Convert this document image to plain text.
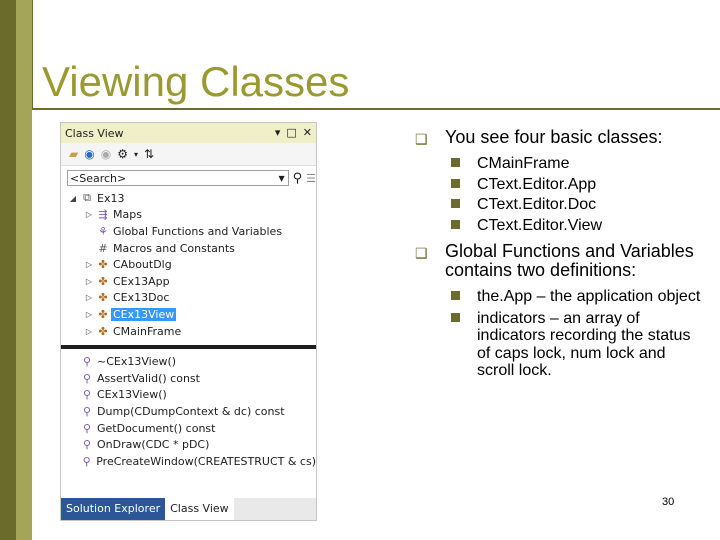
Viewing Classes
Class View	▾ □ ✕
▰ ◉ ◉ ⚙ ▾ ⇅
<Search>	▼ ⚲ ☰
◢ ⧉ Ex13
▷ ⇶ Maps
⚘ Global Functions and Variables
# Macros and Constants
▷ ✤ CAboutDlg
▷ ✤ CEx13App
▷ ✤ CEx13Doc
▷ ✤ CEx13View
▷ ✤ CMainFrame
⚲ ~CEx13View()
⚲ AssertValid() const
⚲ CEx13View()
⚲ Dump(CDumpContext & dc) const
⚲ GetDocument() const
⚲ OnDraw(CDC * pDC)
⚲ PreCreateWindow(CREATESTRUCT & cs)
Solution Explorer Class View
❑ You see four basic classes:
CMainFrame
CText.Editor.App
CText.Editor.Doc
CText.Editor.View
❑ Global Functions and Variables contains two definitions:
the.App – the application object
indicators – an array of indicators recording the status of caps lock, num lock and scroll lock.
30
